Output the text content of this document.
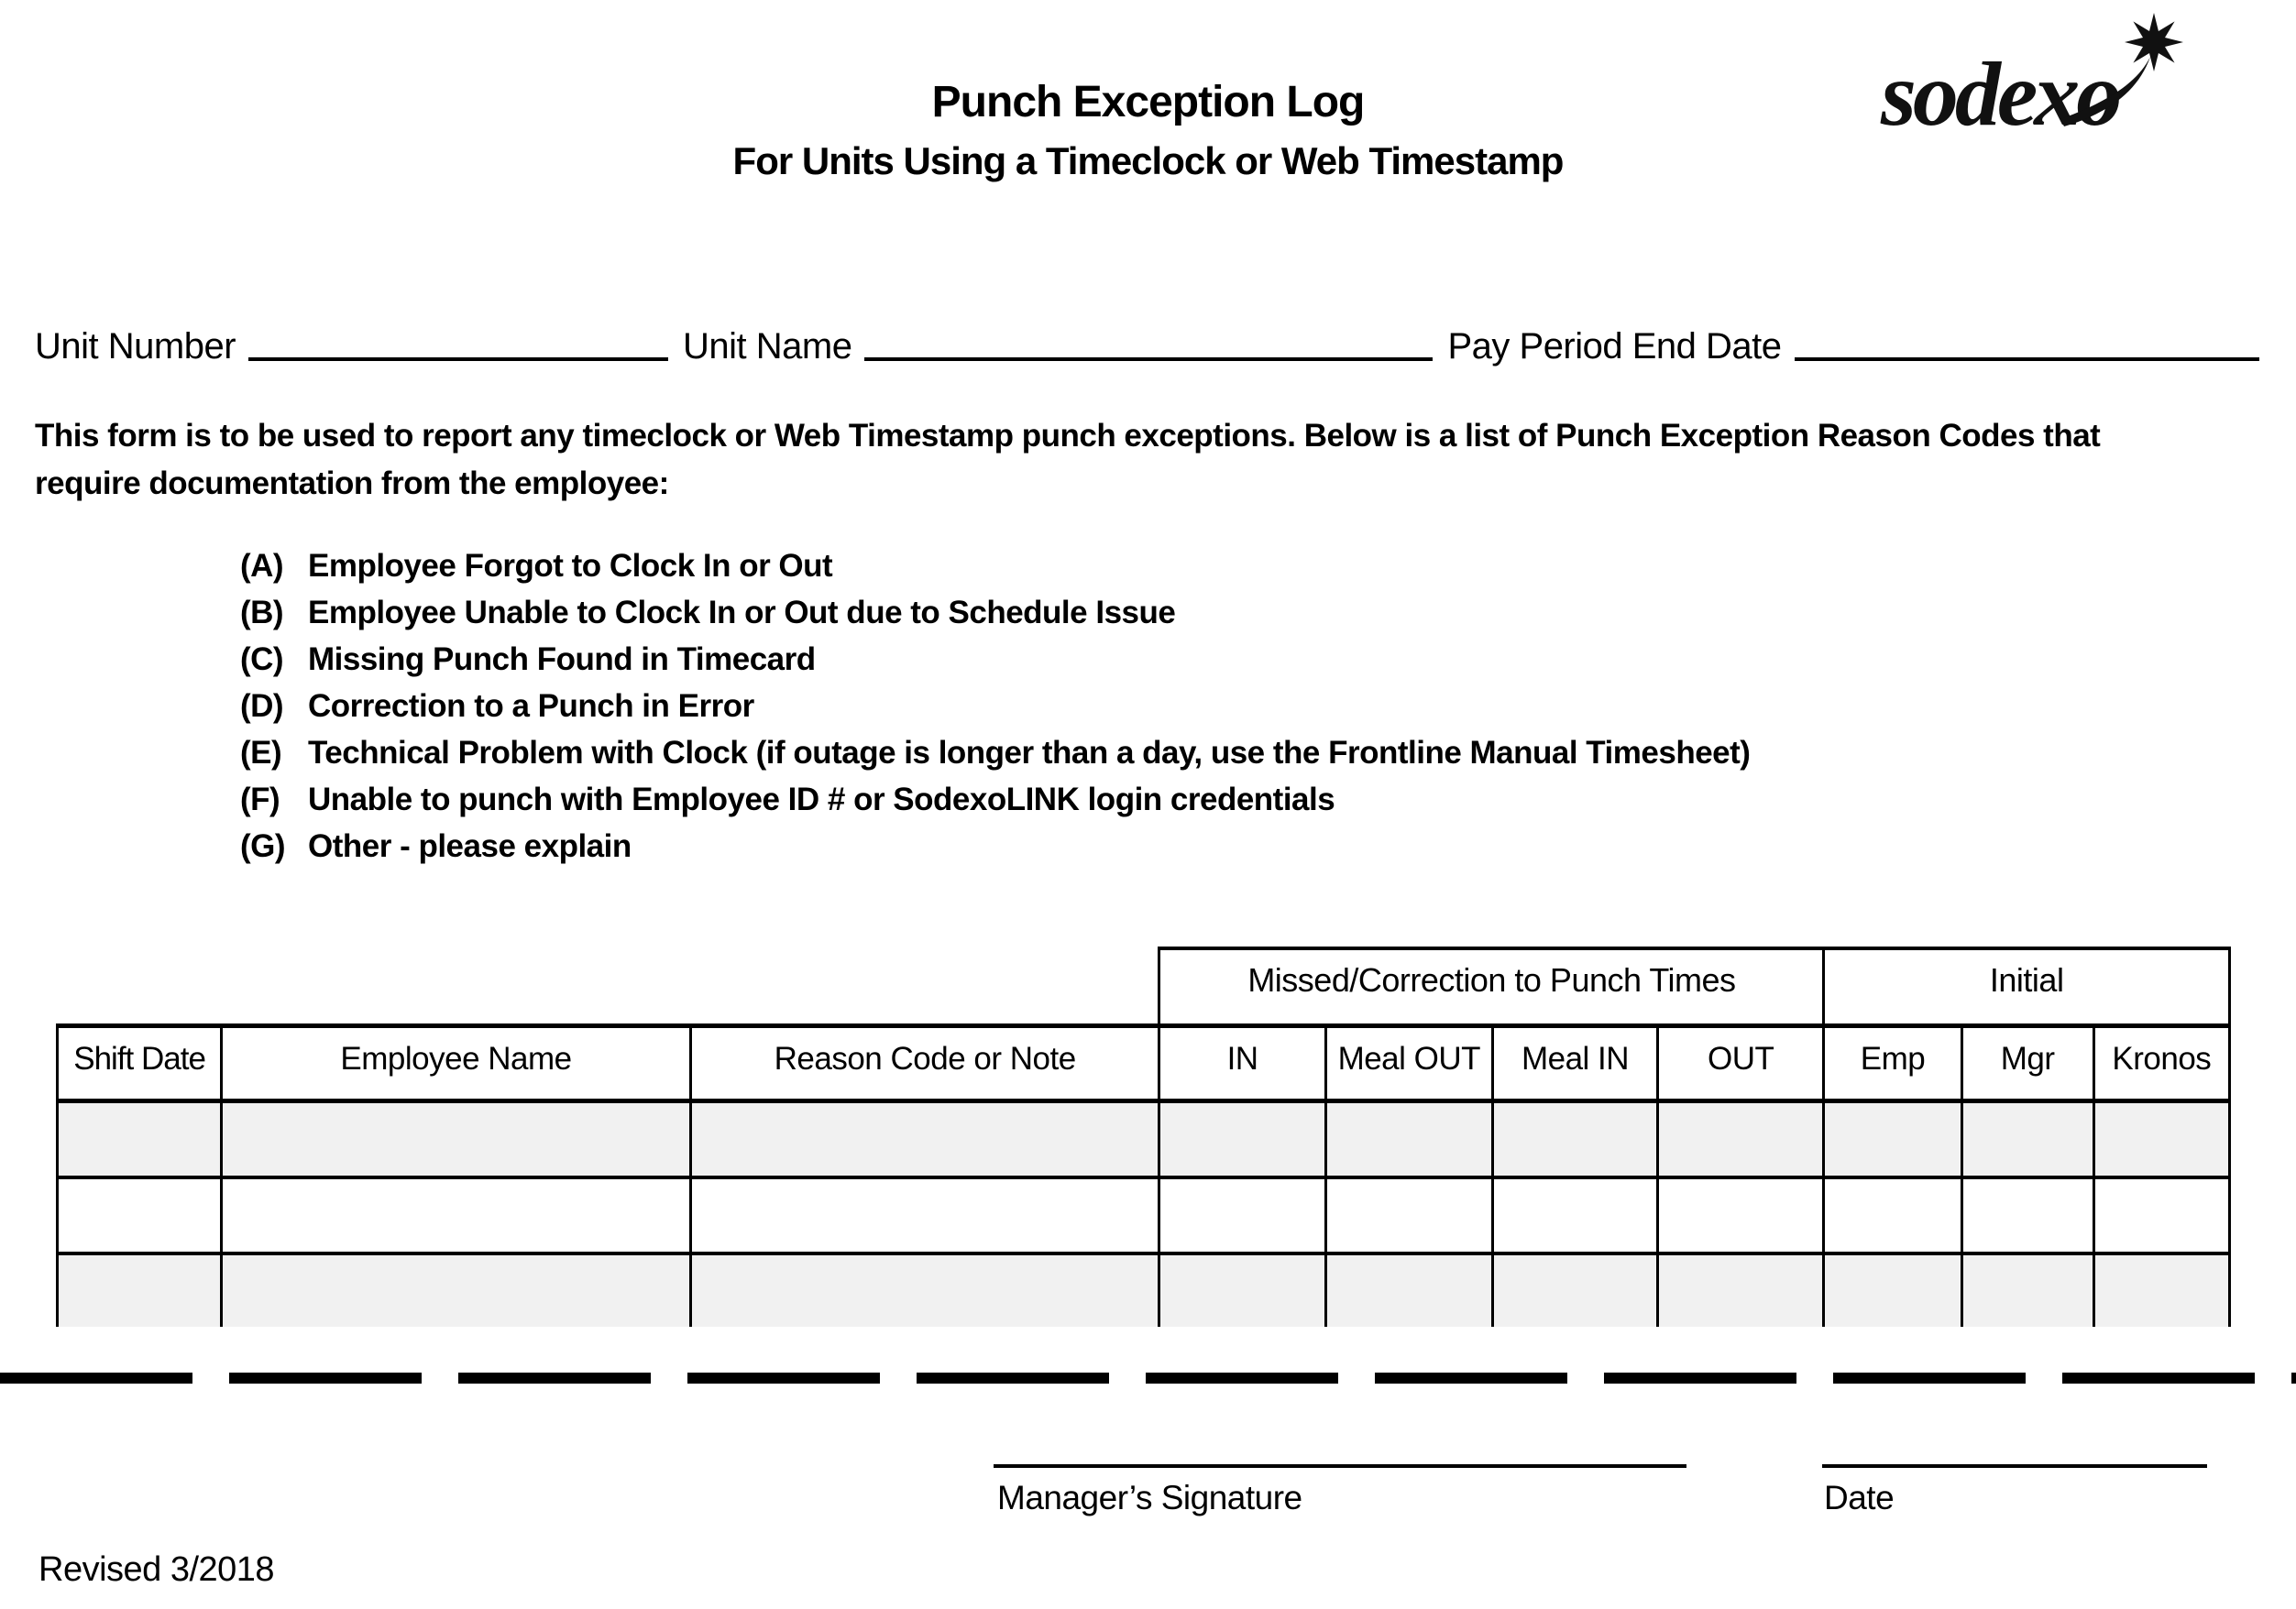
Punch Exception Log
For Units Using a Timeclock or Web Timestamp
sodexo
Unit Number	Unit Name	Pay Period End Date
This form is to be used to report any timeclock or Web Timestamp punch exceptions. Below is a list of Punch Exception Reason Codes that
require documentation from the employee:
(A) Employee Forgot to Clock In or Out
(B) Employee Unable to Clock In or Out due to Schedule Issue
(C) Missing Punch Found in Timecard
(D) Correction to a Punch in Error
(E) Technical Problem with Clock (if outage is longer than a day, use the Frontline Manual Timesheet)
(F) Unable to punch with Employee ID # or SodexoLINK login credentials
(G) Other - please explain
			Missed/Correction to Punch Times				Initial		
Shift Date	Employee Name	Reason Code or Note	IN	Meal OUT	Meal IN	OUT	Emp	Mgr	Kronos

Manager’s Signature	Date
Revised 3/2018
